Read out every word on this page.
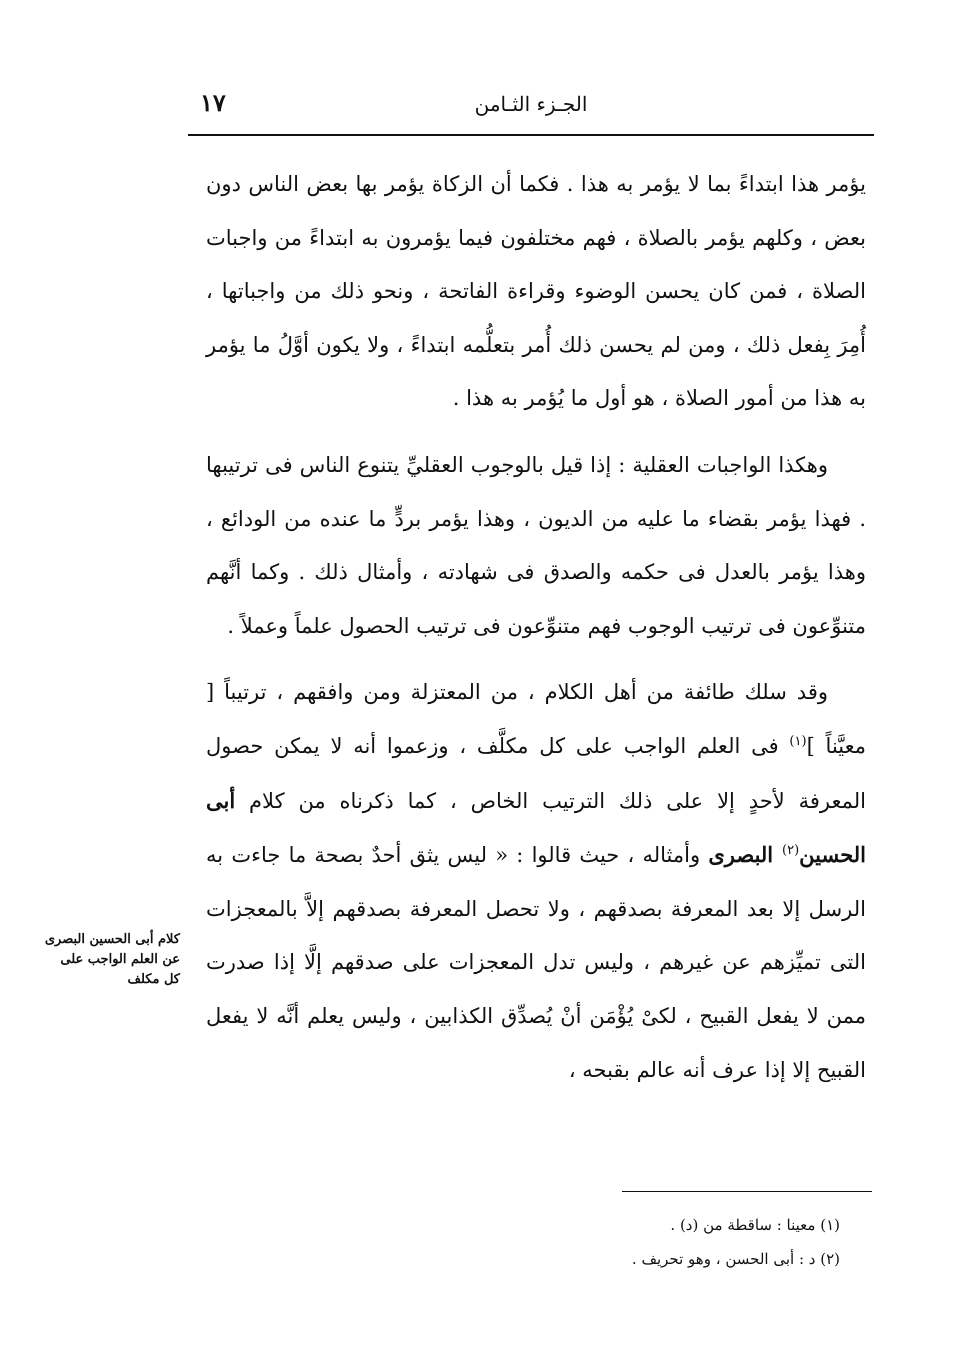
الجـزء الثـامن
١٧

يؤمر هذا ابتداءً بما لا يؤمر به هذا . فكما أن الزكاة يؤمر بها بعض الناس دون بعض ، وكلهم يؤمر بالصلاة ، فهم مختلفون فيما يؤمرون به ابتداءً من واجبات الصلاة ، فمن كان يحسن الوضوء وقراءة الفاتحة ، ونحو ذلك من واجباتها ، أُمِرَ بِفعل ذلك ، ومن لم يحسن ذلك أُمر بتعلُّمه ابتداءً ، ولا يكون أوَّلُ ما يؤمر به هذا من أمور الصلاة ، هو أول ما يُؤمر به هذا .

وهكذا الواجبات العقلية : إذا قيل بالوجوب العقليِّ يتنوع الناس فى ترتيبها . فهذا يؤمر بقضاء ما عليه من الديون ، وهذا يؤمر بردٍّ ما عنده من الودائع ، وهذا يؤمر بالعدل فى حكمه والصدق فى شهادته ، وأمثال ذلك . وكما أنَّهم متنوِّعون فى ترتيب الوجوب فهم متنوِّعون فى ترتيب الحصول علماً وعملاً .

وقد سلك طائفة من أهل الكلام ، من المعتزلة ومن وافقهم ، ترتيباً [ معيَّناً ]$^{(١)}$ فى العلم الواجب على كل مكلَّف ، وزعموا أنه لا يمكن حصول المعرفة لأحدٍ إلا على ذلك الترتيب الخاص ، كما ذكرناه من كلام أبى الحسين$^{(٢)}$ البصرى وأمثاله ، حيث قالوا : « ليس يثق أحدٌ بصحة ما جاءت به الرسل إلا بعد المعرفة بصدقهم ، ولا تحصل المعرفة بصدقهم إلاَّ بالمعجزات التى تميِّزهم عن غيرهم ، وليس تدل المعجزات على صدقهم إلَّا إذا صدرت ممن لا يفعل القبيح ، لكىْ يُؤْمَن أنْ يُصدِّق الكذابين ، وليس يعلم أنَّه لا يفعل القبيح إلا إذا عرف أنه عالم بقبحه ،

كلام أبى الحسين البصرى عن العلم الواجب على كل مكلف
(١) معينا : ساقطة من (د) .
(٢) د : أبى الحسن ، وهو تحريف .
